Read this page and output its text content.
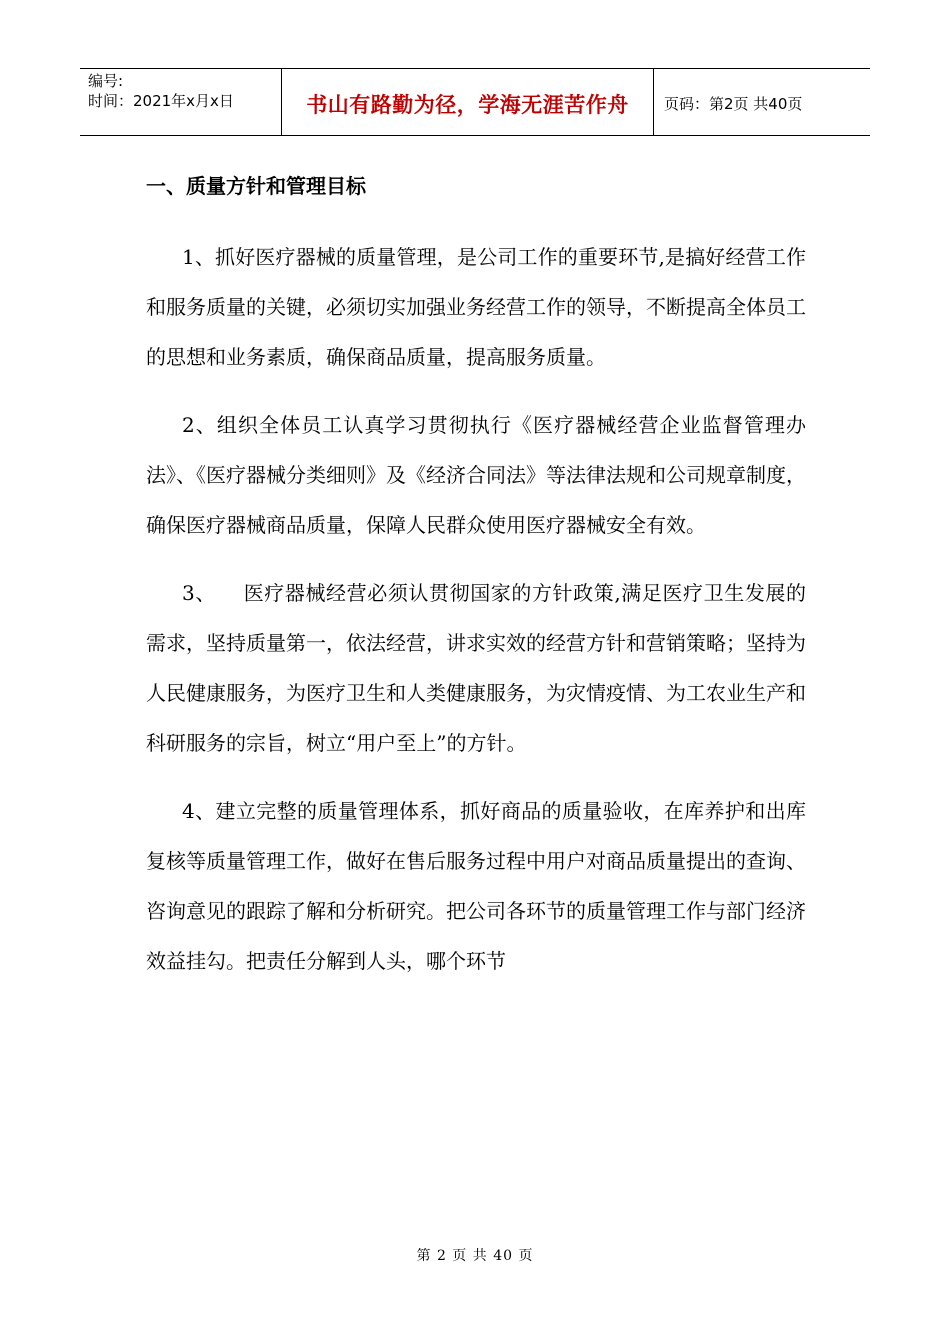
编号:
时间：2021年x月x日	书山有路勤为径，学海无涯苦作舟	页码：第2页 共40页
一、质量方针和管理目标

1、抓好医疗器械的质量管理，是公司工作的重要环节,是搞好经营工作和服务质量的关键，必须切实加强业务经营工作的领导，不断提高全体员工的思想和业务素质，确保商品质量，提高服务质量。

2、组织全体员工认真学习贯彻执行《医疗器械经营企业监督管理办法》、《医疗器械分类细则》及《经济合同法》等法律法规和公司规章制度，确保医疗器械商品质量，保障人民群众使用医疗器械安全有效。

3、    医疗器械经营必须认贯彻国家的方针政策,满足医疗卫生发展的需求，坚持质量第一，依法经营，讲求实效的经营方针和营销策略；坚持为人民健康服务，为医疗卫生和人类健康服务，为灾情疫情、为工农业生产和科研服务的宗旨，树立“用户至上”的方针。

4、建立完整的质量管理体系，抓好商品的质量验收，在库养护和出库复核等质量管理工作，做好在售后服务过程中用户对商品质量提出的查询、咨询意见的跟踪了解和分析研究。把公司各环节的质量管理工作与部门经济效益挂勾。把责任分解到人头，哪个环节

第 2 页 共 40 页
